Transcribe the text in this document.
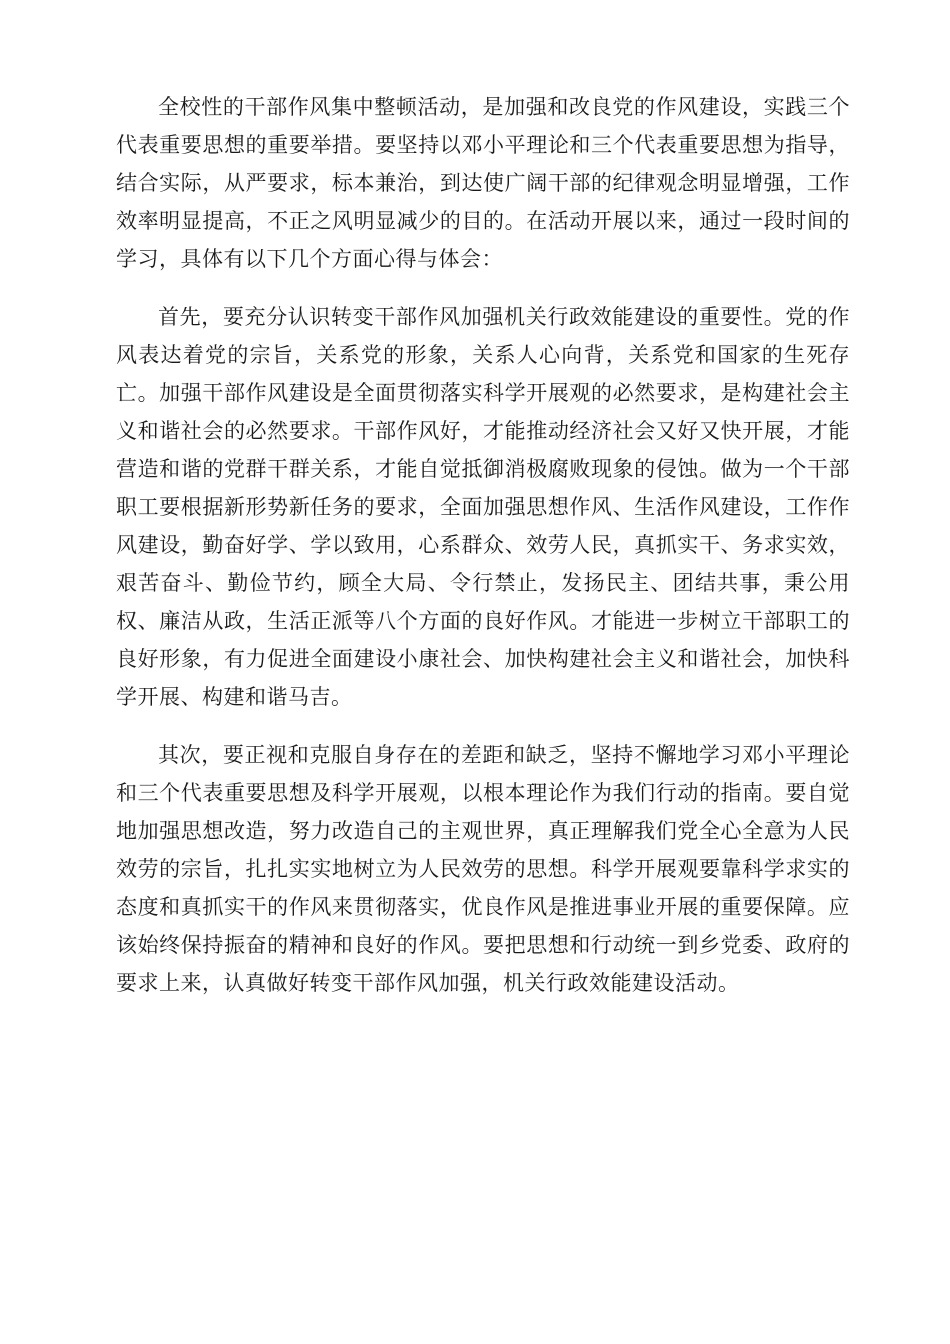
全校性的干部作风集中整顿活动，是加强和改良党的作风建设，实践三个代表重要思想的重要举措。要坚持以邓小平理论和三个代表重要思想为指导，结合实际，从严要求，标本兼治，到达使广阔干部的纪律观念明显增强，工作效率明显提高，不正之风明显减少的目的。在活动开展以来，通过一段时间的学习，具体有以下几个方面心得与体会：

首先，要充分认识转变干部作风加强机关行政效能建设的重要性。党的作风表达着党的宗旨，关系党的形象，关系人心向背，关系党和国家的生死存亡。加强干部作风建设是全面贯彻落实科学开展观的必然要求，是构建社会主义和谐社会的必然要求。干部作风好，才能推动经济社会又好又快开展，才能营造和谐的党群干群关系，才能自觉抵御消极腐败现象的侵蚀。做为一个干部职工要根据新形势新任务的要求，全面加强思想作风、生活作风建设，工作作风建设，勤奋好学、学以致用，心系群众、效劳人民，真抓实干、务求实效，艰苦奋斗、勤俭节约，顾全大局、令行禁止，发扬民主、团结共事，秉公用权、廉洁从政，生活正派等八个方面的良好作风。才能进一步树立干部职工的良好形象，有力促进全面建设小康社会、加快构建社会主义和谐社会，加快科学开展、构建和谐马吉。

其次，要正视和克服自身存在的差距和缺乏，坚持不懈地学习邓小平理论和三个代表重要思想及科学开展观，以根本理论作为我们行动的指南。要自觉地加强思想改造，努力改造自己的主观世界，真正理解我们党全心全意为人民效劳的宗旨，扎扎实实地树立为人民效劳的思想。科学开展观要靠科学求实的态度和真抓实干的作风来贯彻落实，优良作风是推进事业开展的重要保障。应该始终保持振奋的精神和良好的作风。要把思想和行动统一到乡党委、政府的要求上来，认真做好转变干部作风加强，机关行政效能建设活动。
